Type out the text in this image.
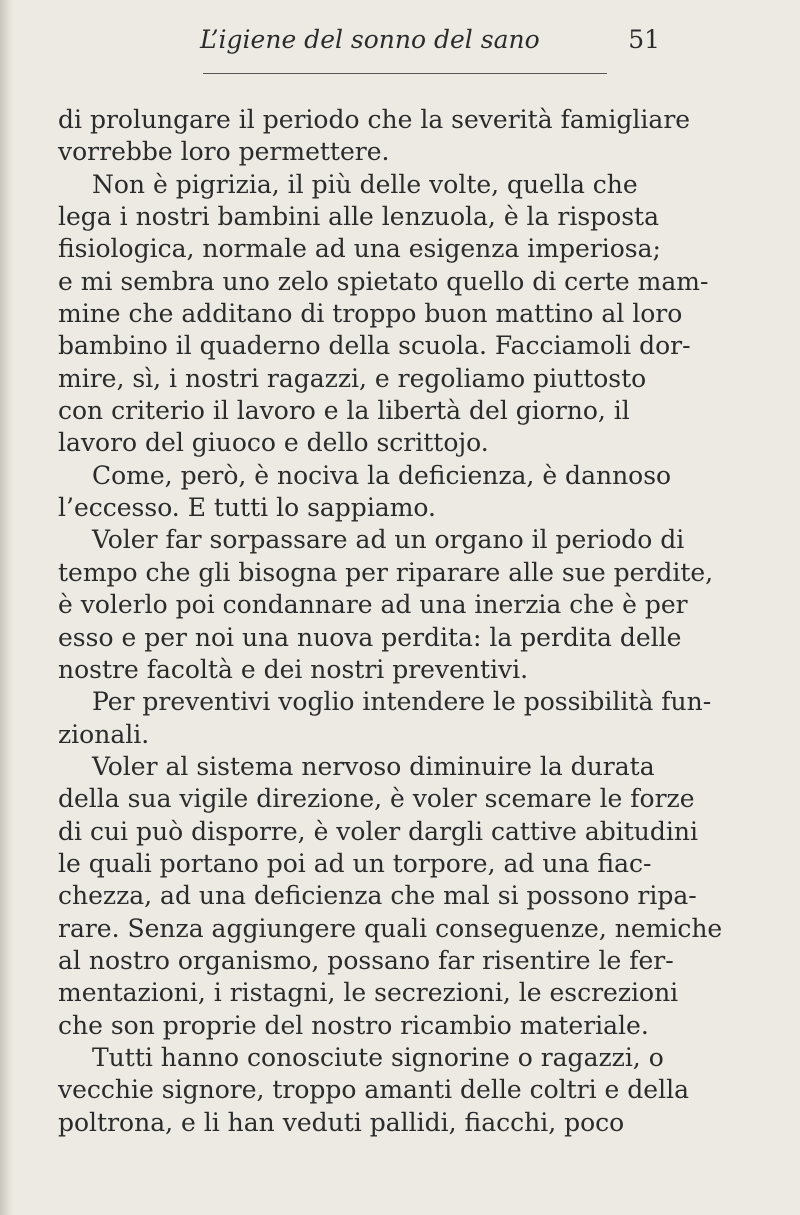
L’igiene del sonno del sano	51
di prolungare il periodo che la severità famigliare
vorrebbe loro permettere.
Non è pigrizia, il più delle volte, quella che
lega i nostri bambini alle lenzuola, è la risposta
fisiologica, normale ad una esigenza imperiosa;
e mi sembra uno zelo spietato quello di certe mam-
mine che additano di troppo buon mattino al loro
bambino il quaderno della scuola. Facciamoli dor-
mire, sì, i nostri ragazzi, e regoliamo piuttosto
con criterio il lavoro e la libertà del giorno, il
lavoro del giuoco e dello scrittojo.
Come, però, è nociva la deficienza, è dannoso
l’eccesso. E tutti lo sappiamo.
Voler far sorpassare ad un organo il periodo di
tempo che gli bisogna per riparare alle sue perdite,
è volerlo poi condannare ad una inerzia che è per
esso e per noi una nuova perdita: la perdita delle
nostre facoltà e dei nostri preventivi.
Per preventivi voglio intendere le possibilità fun-
zionali.
Voler al sistema nervoso diminuire la durata
della sua vigile direzione, è voler scemare le forze
di cui può disporre, è voler dargli cattive abitudini
le quali portano poi ad un torpore, ad una fiac-
chezza, ad una deficienza che mal si possono ripa-
rare. Senza aggiungere quali conseguenze, nemiche
al nostro organismo, possano far risentire le fer-
mentazioni, i ristagni, le secrezioni, le escrezioni
che son proprie del nostro ricambio materiale.
Tutti hanno conosciute signorine o ragazzi, o
vecchie signore, troppo amanti delle coltri e della
poltrona, e li han veduti pallidi, fiacchi, poco
